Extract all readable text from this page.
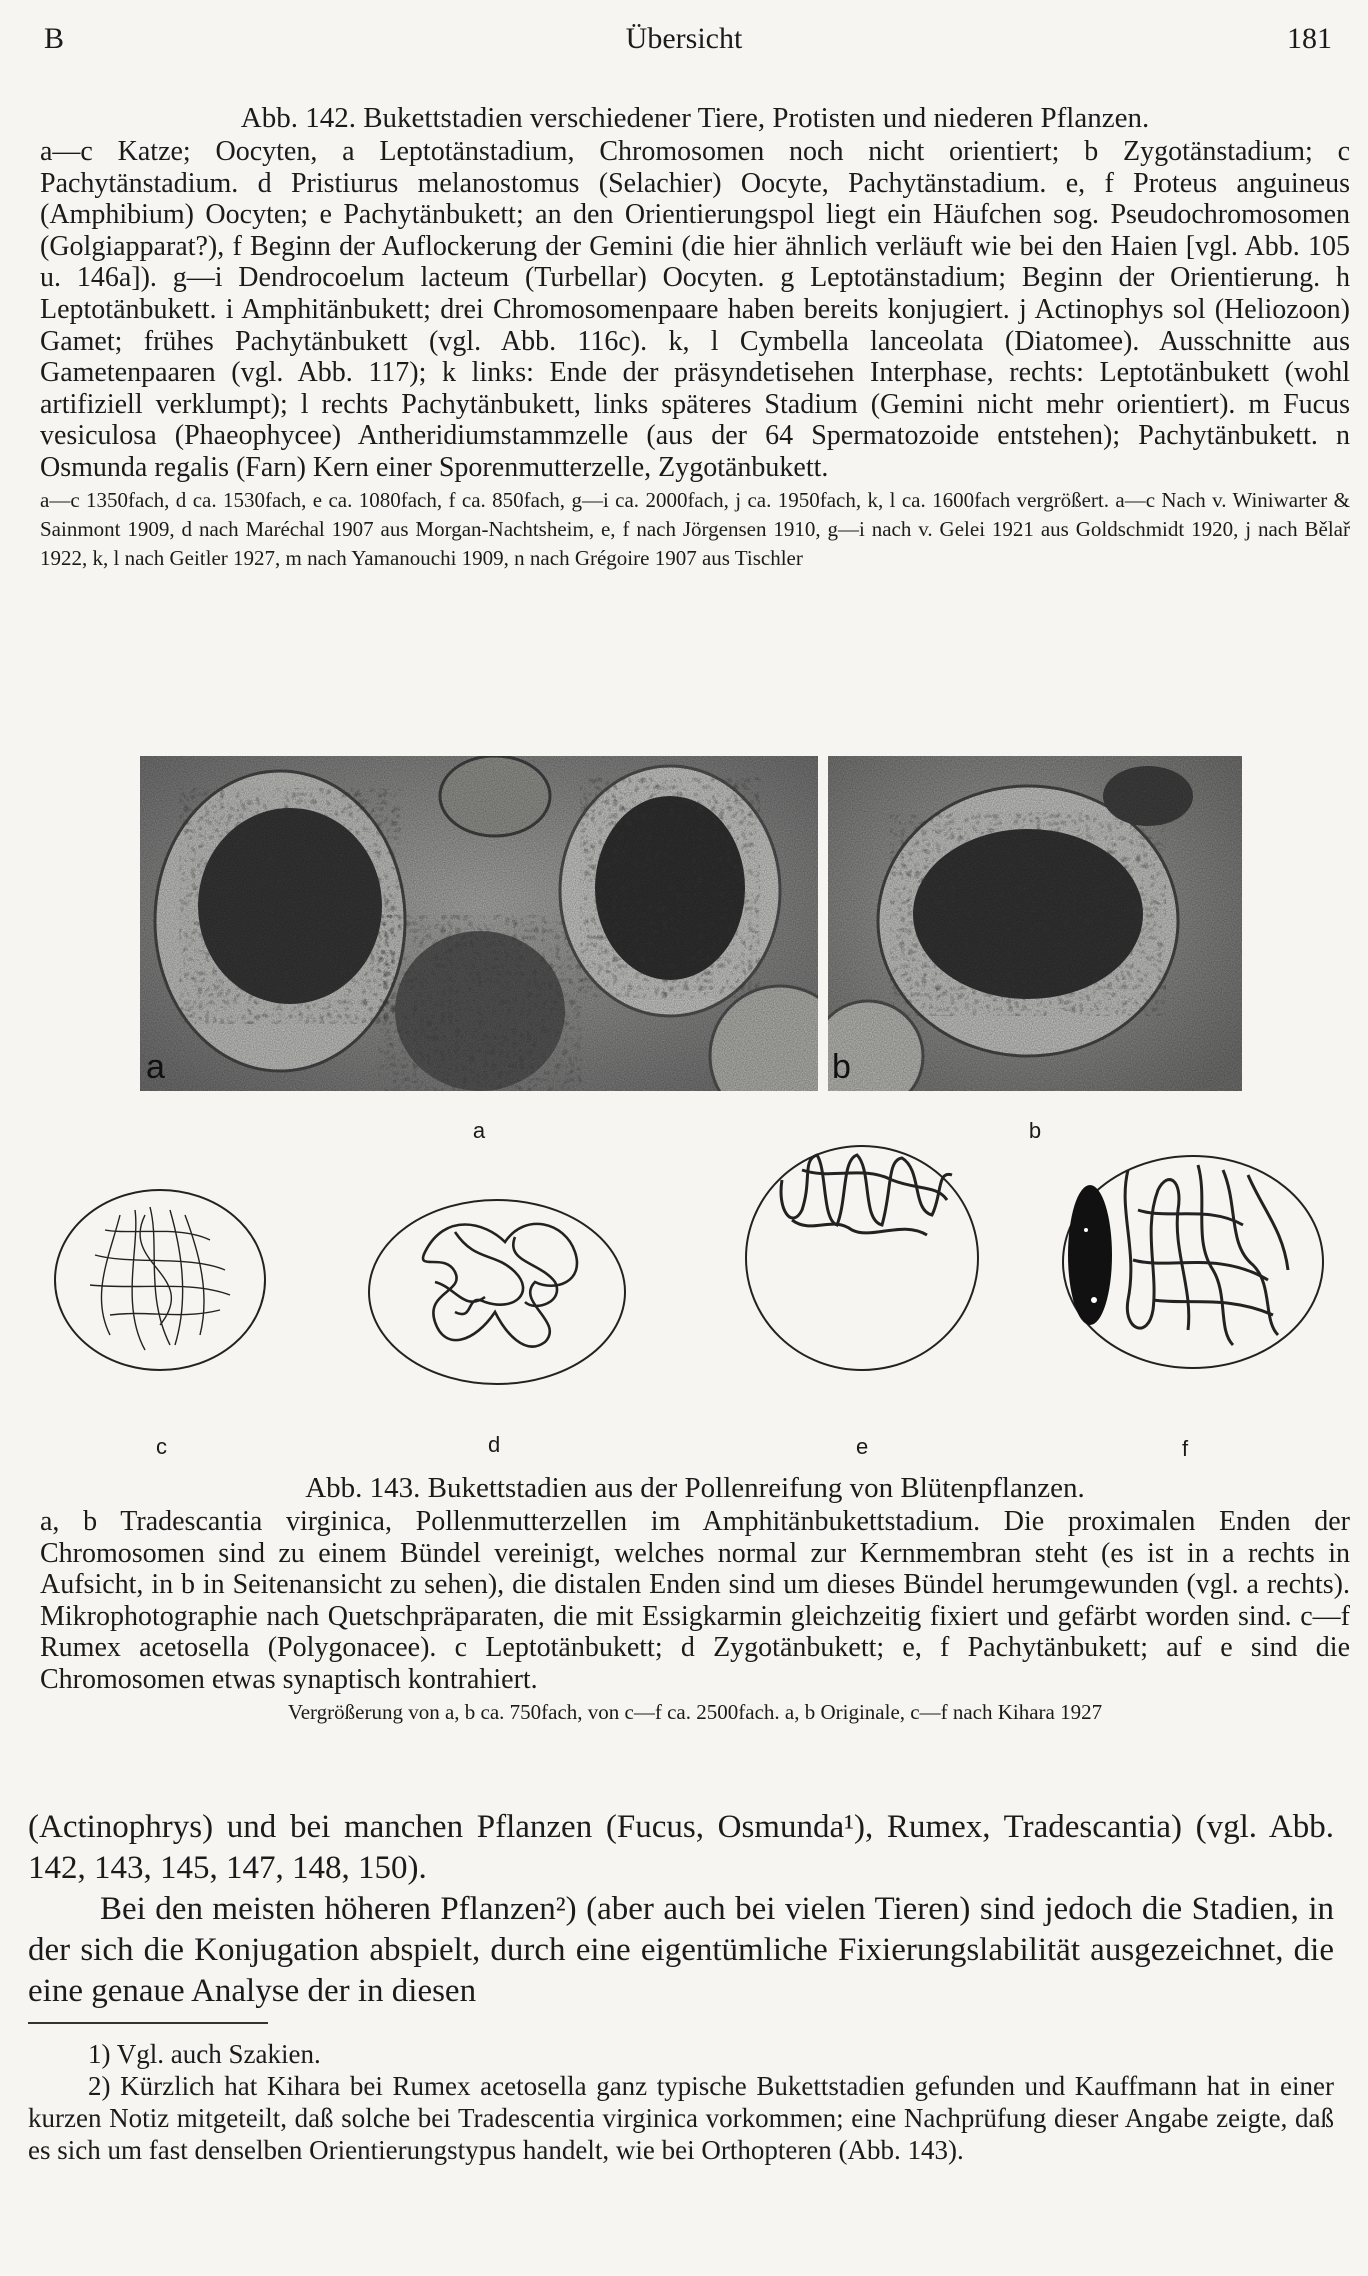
B	Übersicht	181
Abb. 142. Bukettstadien verschiedener Tiere, Protisten und niederen Pflanzen.

a—c Katze; Oocyten, a Leptotänstadium, Chromosomen noch nicht orientiert; b Zygotänstadium; c Pachytänstadium. d Pristiurus melanostomus (Selachier) Oocyte, Pachytänstadium. e, f Proteus anguineus (Amphibium) Oocyten; e Pachytänbukett; an den Orientierungspol liegt ein Häufchen sog. Pseudochromosomen (Golgiapparat?), f Beginn der Auflockerung der Gemini (die hier ähnlich verläuft wie bei den Haien [vgl. Abb. 105 u. 146a]). g—i Dendrocoelum lacteum (Turbellar) Oocyten. g Leptotänstadium; Beginn der Orientierung. h Leptotänbukett. i Amphitänbukett; drei Chromosomenpaare haben bereits konjugiert. j Actinophys sol (Heliozoon) Gamet; frühes Pachytänbukett (vgl. Abb. 116c). k, l Cymbella lanceolata (Diatomee). Ausschnitte aus Gametenpaaren (vgl. Abb. 117); k links: Ende der präsyndetisehen Interphase, rechts: Leptotänbukett (wohl artifiziell verklumpt); l rechts Pachytänbukett, links späteres Stadium (Gemini nicht mehr orientiert). m Fucus vesiculosa (Phaeophycee) Antheridiumstammzelle (aus der 64 Spermatozoide entstehen); Pachytänbukett. n Osmunda regalis (Farn) Kern einer Sporenmutterzelle, Zygotänbukett.

a—c 1350fach, d ca. 1530fach, e ca. 1080fach, f ca. 850fach, g—i ca. 2000fach, j ca. 1950fach, k, l ca. 1600fach vergrößert. a—c Nach v. Winiwarter & Sainmont 1909, d nach Maréchal 1907 aus Morgan-Nachtsheim, e, f nach Jörgensen 1910, g—i nach v. Gelei 1921 aus Goldschmidt 1920, j nach Bělař 1922, k, l nach Geitler 1927, m nach Yamanouchi 1909, n nach Grégoire 1907 aus Tischler
a	b
a	b
c	d	e	f
Abb. 143. Bukettstadien aus der Pollenreifung von Blütenpflanzen.
a, b Tradescantia virginica, Pollenmutterzellen im Amphitänbukettstadium. Die proximalen Enden der Chromosomen sind zu einem Bündel vereinigt, welches normal zur Kernmembran steht (es ist in a rechts in Aufsicht, in b in Seitenansicht zu sehen), die distalen Enden sind um dieses Bündel herumgewunden (vgl. a rechts). Mikrophotographie nach Quetschpräparaten, die mit Essigkarmin gleichzeitig fixiert und gefärbt worden sind. c—f Rumex acetosella (Polygonacee). c Leptotänbukett; d Zygotänbukett; e, f Pachytänbukett; auf e sind die Chromosomen etwas synaptisch kontrahiert.
Vergrößerung von a, b ca. 750fach, von c—f ca. 2500fach. a, b Originale, c—f nach Kihara 1927

(Actinophrys) und bei manchen Pflanzen (Fucus, Osmunda¹), Rumex, Tradescantia) (vgl. Abb. 142, 143, 145, 147, 148, 150).

Bei den meisten höheren Pflanzen²) (aber auch bei vielen Tieren) sind jedoch die Stadien, in der sich die Konjugation abspielt, durch eine eigentümliche Fixierungslabilität ausgezeichnet, die eine genaue Analyse der in diesen

1) Vgl. auch Szakien.

2) Kürzlich hat Kihara bei Rumex acetosella ganz typische Bukettstadien gefunden und Kauffmann hat in einer kurzen Notiz mitgeteilt, daß solche bei Tradescentia virginica vorkommen; eine Nachprüfung dieser Angabe zeigte, daß es sich um fast denselben Orientierungstypus handelt, wie bei Orthopteren (Abb. 143).
